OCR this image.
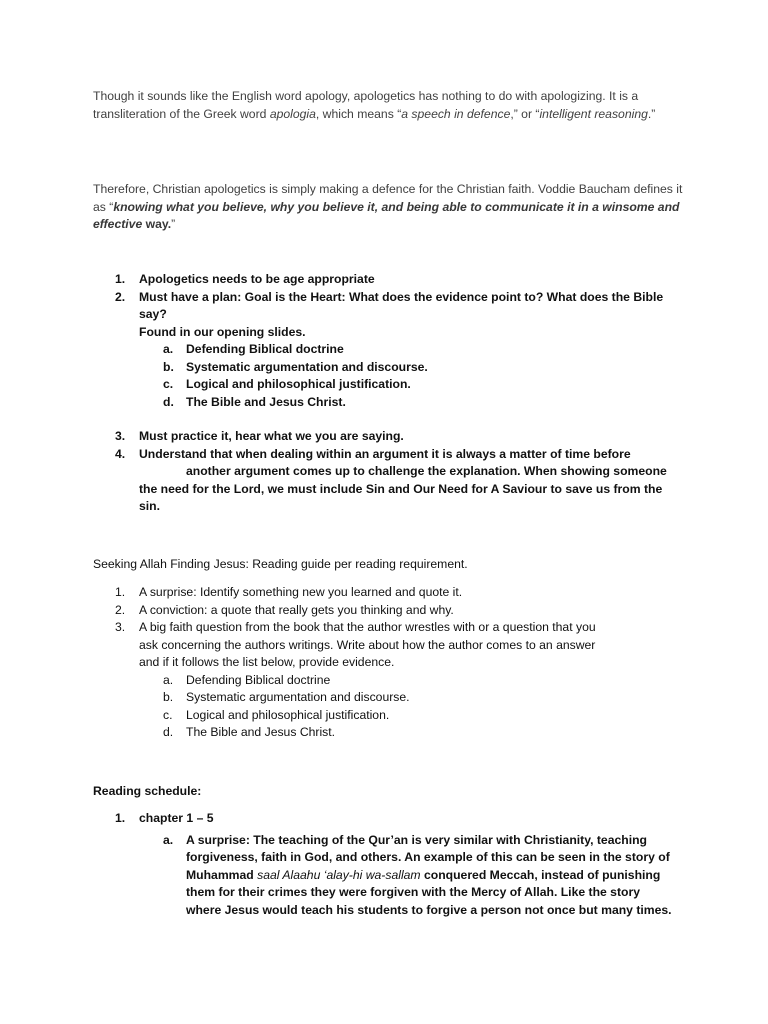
Though it sounds like the English word apology, apologetics has nothing to do with apologizing. It is a transliteration of the Greek word apologia, which means “a speech in defence,” or “intelligent reasoning.”

Therefore, Christian apologetics is simply making a defence for the Christian faith. Voddie Baucham defines it as “knowing what you believe, why you believe it, and being able to communicate it in a winsome and effective way.”

1. Apologetics needs to be age appropriate
2. Must have a plan: Goal is the Heart: What does the evidence point to? What does the Bible
say?
Found in our opening slides.
a. Defending Biblical doctrine
b. Systematic argumentation and discourse.
c. Logical and philosophical justification.
d. The Bible and Jesus Christ.
3. Must practice it, hear what we you are saying.
4. Understand that when dealing within an argument it is always a matter of time before
another argument comes up to challenge the explanation. When showing someone
the need for the Lord, we must include Sin and Our Need for A Saviour to save us from the
sin.
Seeking Allah Finding Jesus: Reading guide per reading requirement.
1. A surprise: Identify something new you learned and quote it.
2. A conviction: a quote that really gets you thinking and why.
3. A big faith question from the book that the author wrestles with or a question that you
ask concerning the authors writings. Write about how the author comes to an answer
and if it follows the list below, provide evidence.
a. Defending Biblical doctrine
b. Systematic argumentation and discourse.
c. Logical and philosophical justification.
d. The Bible and Jesus Christ.
Reading schedule:
1. chapter 1 – 5
a. A surprise: The teaching of the Qur’an is very similar with Christianity, teaching
forgiveness, faith in God, and others. An example of this can be seen in the story of
Muhammad saal Alaahu ‘alay-hi wa-sallam conquered Meccah, instead of punishing
them for their crimes they were forgiven with the Mercy of Allah. Like the story
where Jesus would teach his students to forgive a person not once but many times.
